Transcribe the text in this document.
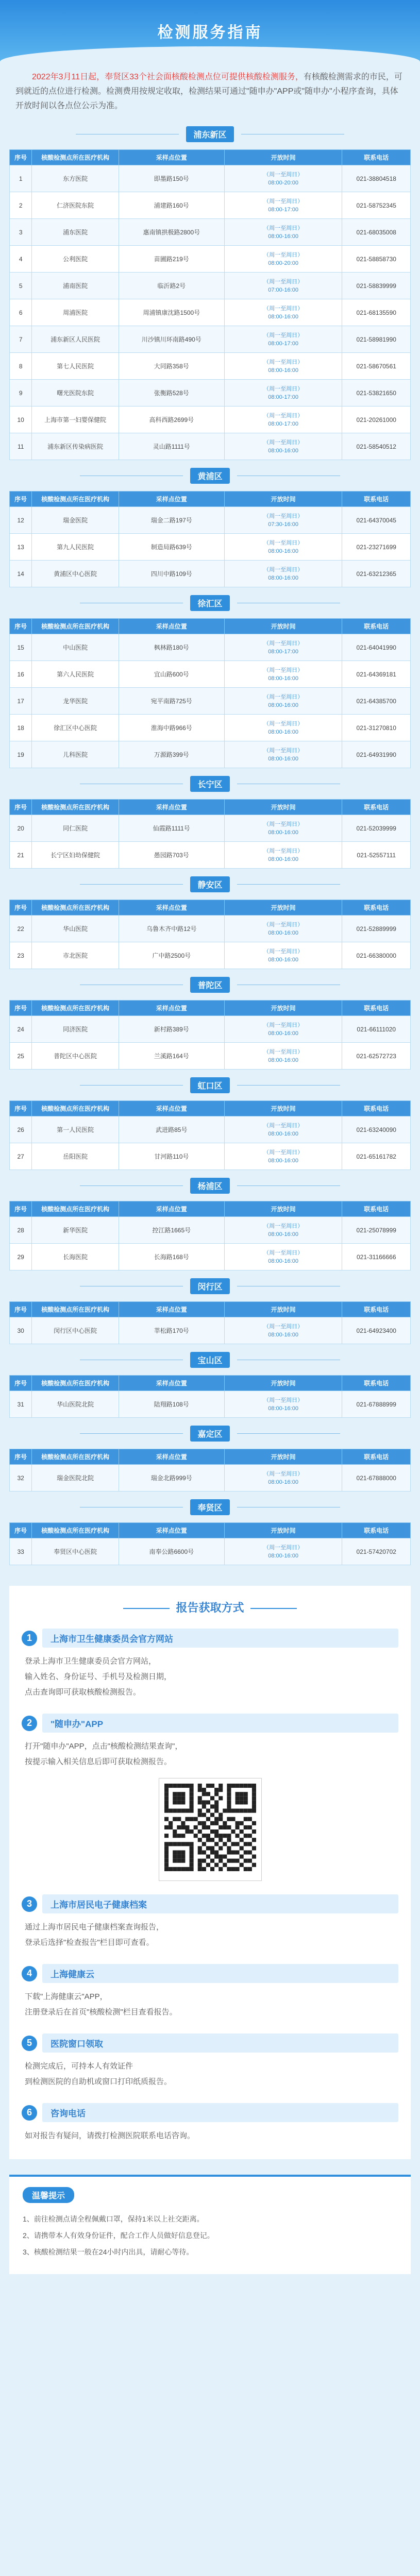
检测服务指南
2022年3月11日起，奉贤区33个社会面核酸检测点位可提供核酸检测服务，有核酸检测需求的市民，可到就近的点位进行检测。检测费用按规定收取，检测结果可通过"随申办"APP或"随申办"小程序查询，具体开放时间以各点位公示为准。
浦东新区
序号	核酸检测点所在医疗机构	采样点位置	开放时间	联系电话
1	东方医院	即墨路150号	（周一至周日）
08:00-20:00	021-38804518
2	仁济医院东院	浦建路160号	（周一至周日）
08:00-17:00	021-58752345
3	浦东医院	惠南镇拱极路2800号	（周一至周日）
08:00-16:00	021-68035008
4	公利医院	苗圃路219号	（周一至周日）
08:00-20:00	021-58858730
5	浦南医院	临沂路2号	（周一至周日）
07:00-16:00	021-58839999
6	周浦医院	周浦镇康沈路1500号	（周一至周日）
08:00-16:00	021-68135590
7	浦东新区人民医院	川沙镇川环南路490号	（周一至周日）
08:00-17:00	021-58981990
8	第七人民医院	大同路358号	（周一至周日）
08:00-16:00	021-58670561
9	曙光医院东院	张衡路528号	（周一至周日）
08:00-17:00	021-53821650
10	上海市第一妇婴保健院	高科西路2699号	（周一至周日）
08:00-17:00	021-20261000
11	浦东新区传染病医院	灵山路1111号	（周一至周日）
08:00-16:00	021-58540512
黄浦区
序号	核酸检测点所在医疗机构	采样点位置	开放时间	联系电话
12	瑞金医院	瑞金二路197号	（周一至周日）
07:30-16:00	021-64370045
13	第九人民医院	制造局路639号	（周一至周日）
08:00-16:00	021-23271699
14	黄浦区中心医院	四川中路109号	（周一至周日）
08:00-16:00	021-63212365
徐汇区
序号	核酸检测点所在医疗机构	采样点位置	开放时间	联系电话
15	中山医院	枫林路180号	（周一至周日）
08:00-17:00	021-64041990
16	第六人民医院	宜山路600号	（周一至周日）
08:00-16:00	021-64369181
17	龙华医院	宛平南路725号	（周一至周日）
08:00-16:00	021-64385700
18	徐汇区中心医院	淮海中路966号	（周一至周日）
08:00-16:00	021-31270810
19	儿科医院	万源路399号	（周一至周日）
08:00-16:00	021-64931990
长宁区
序号	核酸检测点所在医疗机构	采样点位置	开放时间	联系电话
20	同仁医院	仙霞路1111号	（周一至周日）
08:00-16:00	021-52039999
21	长宁区妇幼保健院	愚园路703号	（周一至周日）
08:00-16:00	021-52557111
静安区
序号	核酸检测点所在医疗机构	采样点位置	开放时间	联系电话
22	华山医院	乌鲁木齐中路12号	（周一至周日）
08:00-16:00	021-52889999
23	市北医院	广中路2500号	（周一至周日）
08:00-16:00	021-66380000
普陀区
序号	核酸检测点所在医疗机构	采样点位置	开放时间	联系电话
24	同济医院	新村路389号	（周一至周日）
08:00-16:00	021-66111020
25	普陀区中心医院	兰溪路164号	（周一至周日）
08:00-16:00	021-62572723
虹口区
序号	核酸检测点所在医疗机构	采样点位置	开放时间	联系电话
26	第一人民医院	武进路85号	（周一至周日）
08:00-16:00	021-63240090
27	岳阳医院	甘河路110号	（周一至周日）
08:00-16:00	021-65161782
杨浦区
序号	核酸检测点所在医疗机构	采样点位置	开放时间	联系电话
28	新华医院	控江路1665号	（周一至周日）
08:00-16:00	021-25078999
29	长海医院	长海路168号	（周一至周日）
08:00-16:00	021-31166666
闵行区
序号	核酸检测点所在医疗机构	采样点位置	开放时间	联系电话
30	闵行区中心医院	莘松路170号	（周一至周日）
08:00-16:00	021-64923400
宝山区
序号	核酸检测点所在医疗机构	采样点位置	开放时间	联系电话
31	华山医院北院	陆翔路108号	（周一至周日）
08:00-16:00	021-67888999
嘉定区
序号	核酸检测点所在医疗机构	采样点位置	开放时间	联系电话
32	瑞金医院北院	瑞金北路999号	（周一至周日）
08:00-16:00	021-67888000
奉贤区
序号	核酸检测点所在医疗机构	采样点位置	开放时间	联系电话
33	奉贤区中心医院	南奉公路6600号	（周一至周日）
08:00-16:00	021-57420702
报告获取方式
1	上海市卫生健康委员会官方网站
登录上海市卫生健康委员会官方网站，
输入姓名、身份证号、手机号及检测日期，
点击查询即可获取核酸检测报告。
2	"随申办"APP
打开"随申办"APP，点击"核酸检测结果查询"，
按提示输入相关信息后即可获取检测报告。
3	上海市居民电子健康档案
通过上海市居民电子健康档案查询报告，
登录后选择"检查报告"栏目即可查看。
4	上海健康云
下载"上海健康云"APP，
注册登录后在首页"核酸检测"栏目查看报告。
5	医院窗口领取
检测完成后，可持本人有效证件
到检测医院的自助机或窗口打印纸质报告。
6	咨询电话
如对报告有疑问，请拨打检测医院联系电话咨询。
温馨提示

1、前往检测点请全程佩戴口罩，保持1米以上社交距离。

2、请携带本人有效身份证件，配合工作人员做好信息登记。

3、核酸检测结果一般在24小时内出具，请耐心等待。
